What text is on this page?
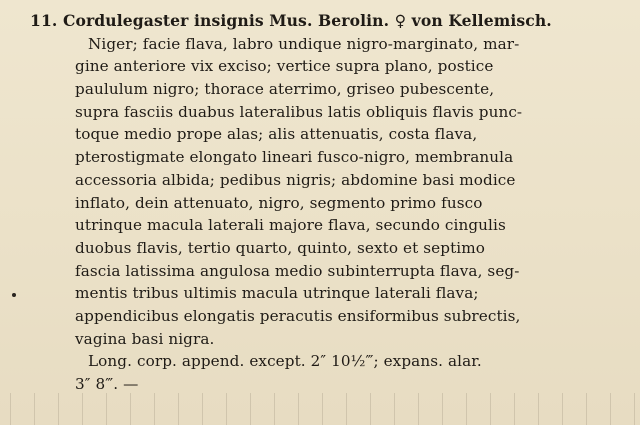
11. Cordulegaster insignis Mus. Berolin. ♀ von Kellemisch.
Niger; facie flava, labro undique nigro-marginato, mar-
gine anteriore vix exciso; vertice supra plano, postice
paululum nigro; thorace aterrimo, griseo pubescente,
supra fasciis duabus lateralibus latis obliquis flavis punc-
toque medio prope alas; alis attenuatis, costa flava,
pterostigmate elongato lineari fusco-nigro, membranula
accessoria albida; pedibus nigris; abdomine basi modice
inflato, dein attenuato, nigro, segmento primo fusco
utrinque macula laterali majore flava, secundo cingulis
duobus flavis, tertio quarto, quinto, sexto et septimo
fascia latissima angulosa medio subinterrupta flava, seg-
mentis tribus ultimis macula utrinque laterali flava;
appendicibus elongatis peracutis ensiformibus subrectis,
vagina basi nigra.
Long. corp. append. except. 2″ 10½‴; expans. alar.
3″ 8‴. —
